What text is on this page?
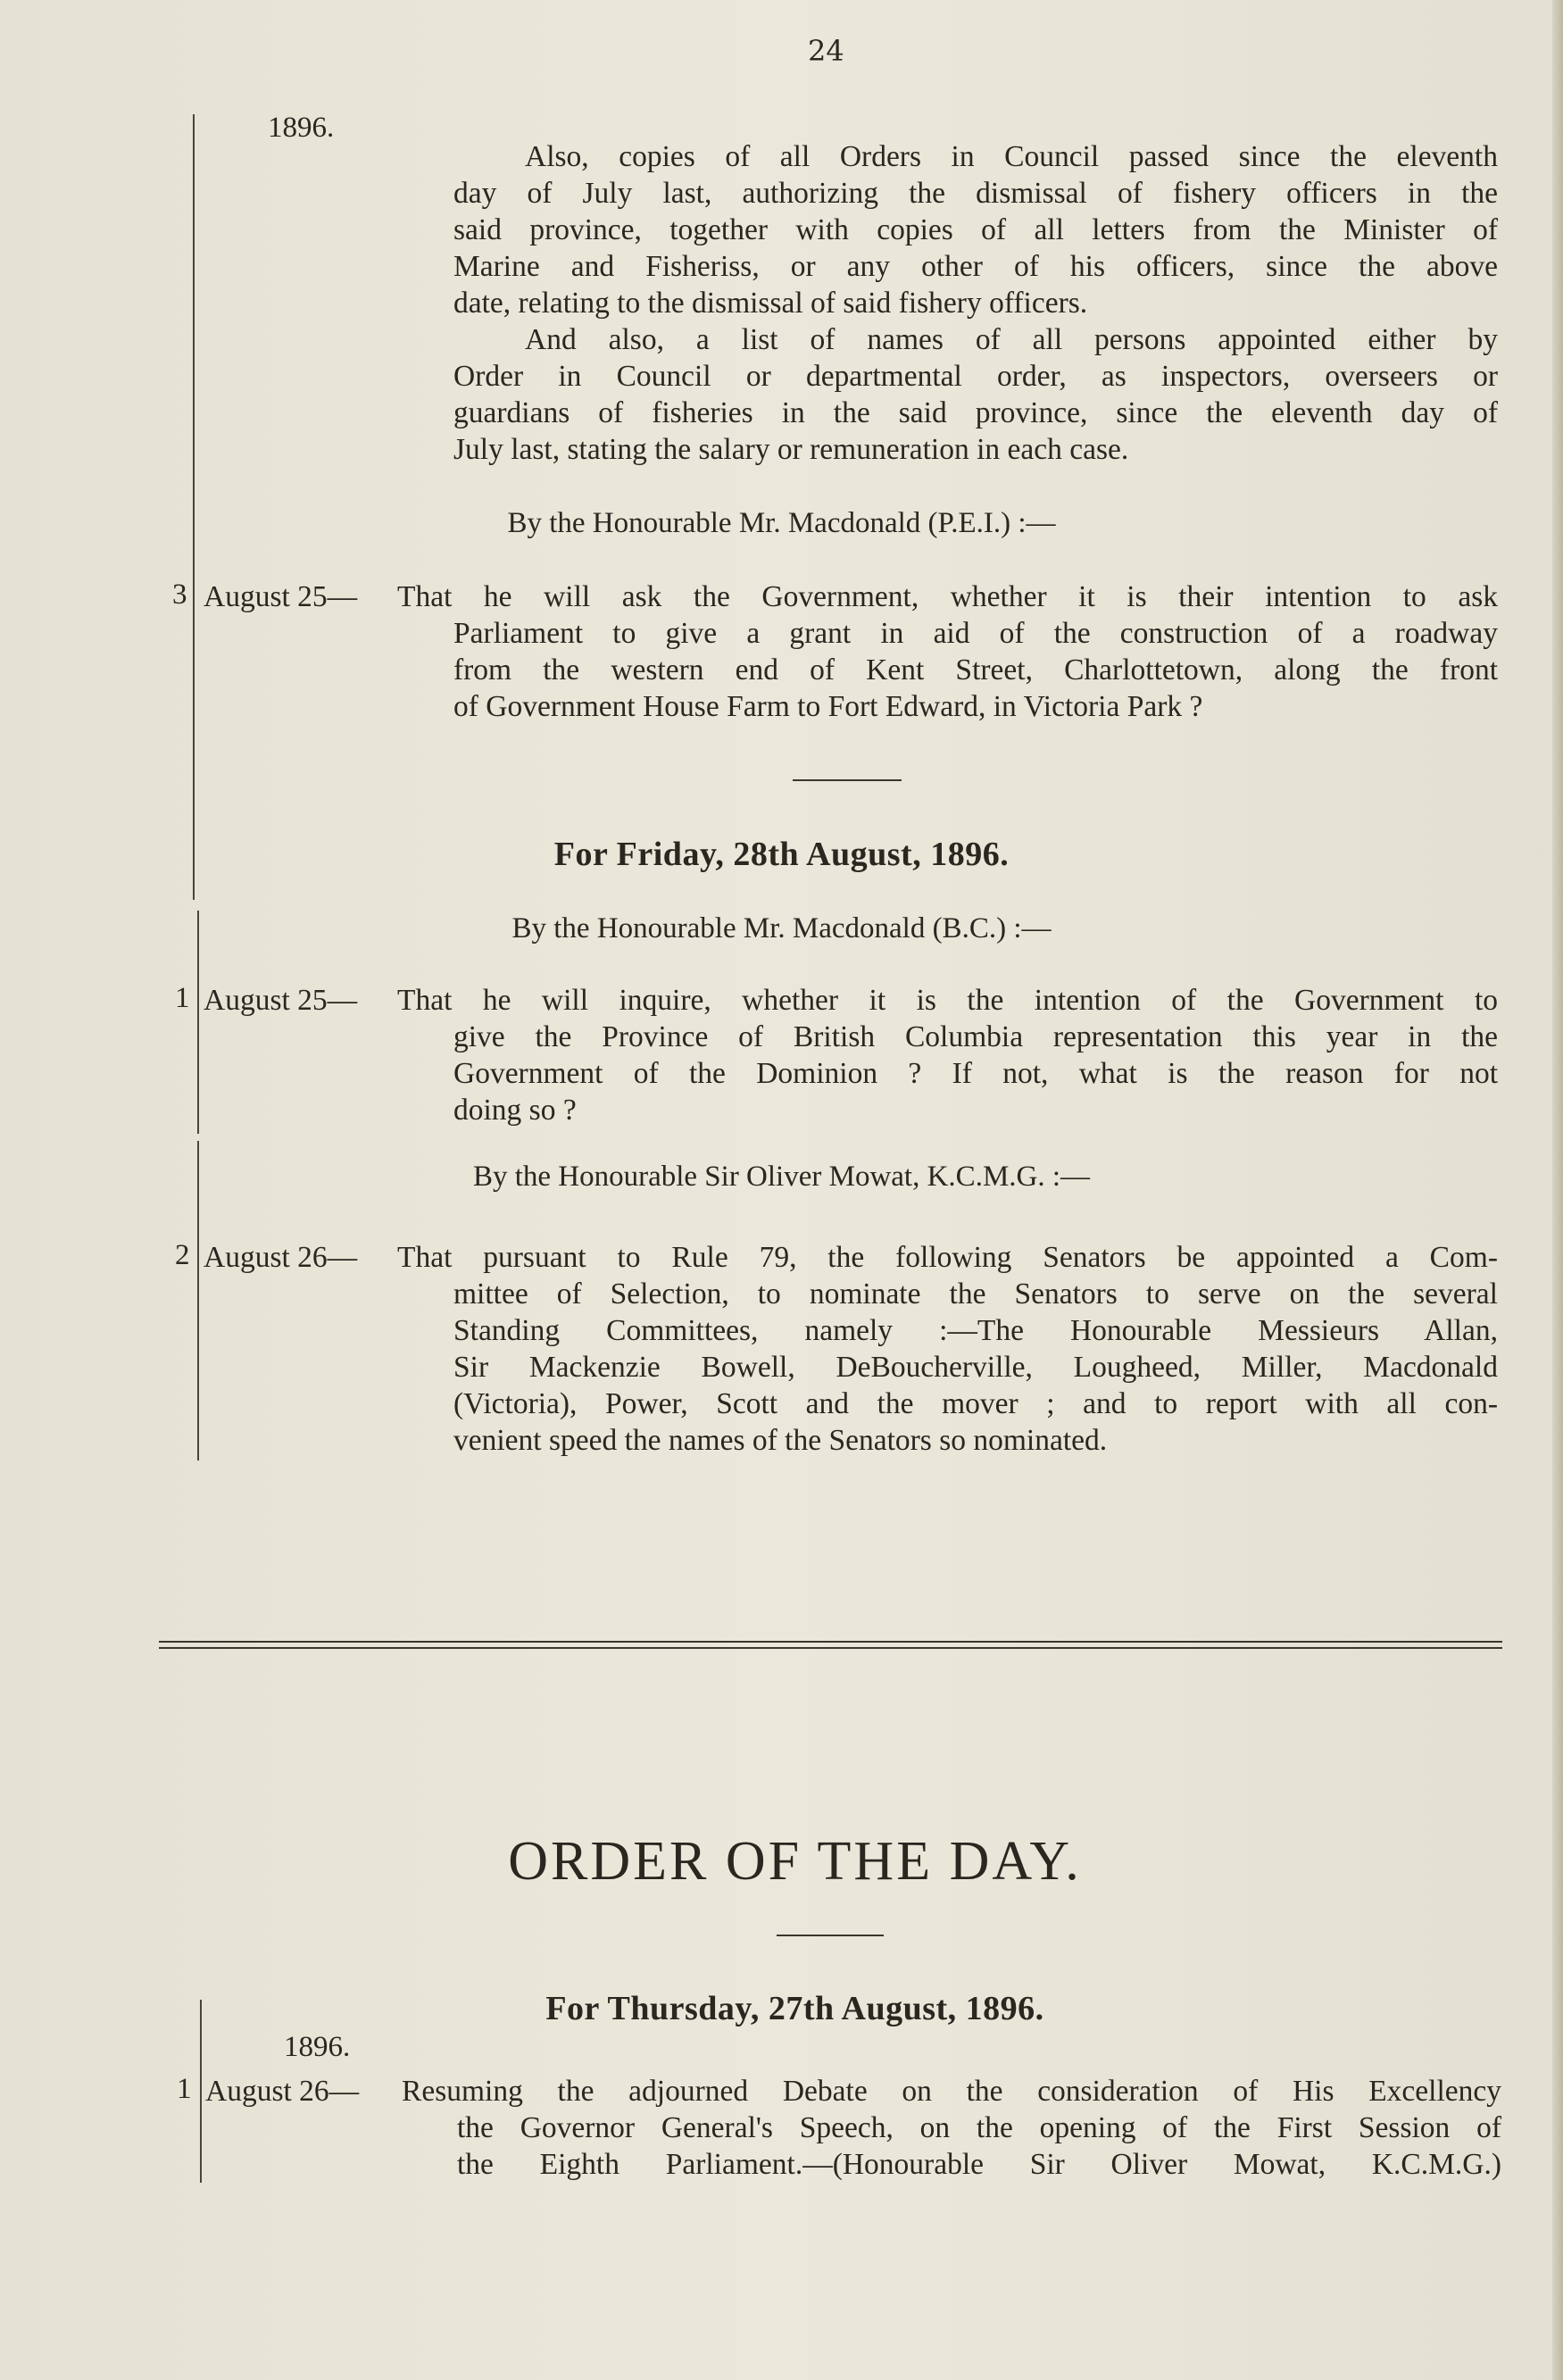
24
1896.
Also, copies of all Orders in Council passed since the eleventh
day of July last, authorizing the dismissal of fishery officers in the
said province, together with copies of all letters from the Minister of
Marine and Fisheriss, or any other of his officers, since the above
date, relating to the dismissal of said fishery officers.
And also, a list of names of all persons appointed either by
Order in Council or departmental order, as inspectors, overseers or
guardians of fisheries in the said province, since the eleventh day of
July last, stating the salary or remuneration in each case.
By the Honourable Mr. Macdonald (P.E.I.) :—
3 August 25— That he will ask the Government, whether it is their intention to ask
Parliament to give a grant in aid of the construction of a roadway
from the western end of Kent Street, Charlottetown, along the front
of Government House Farm to Fort Edward, in Victoria Park ?
For Friday, 28th August, 1896.
By the Honourable Mr. Macdonald (B.C.) :—
1 August 25— That he will inquire, whether it is the intention of the Government to
give the Province of British Columbia representation this year in the
Government of the Dominion ? If not, what is the reason for not
doing so ?
By the Honourable Sir Oliver Mowat, K.C.M.G. :—
2 August 26— That pursuant to Rule 79, the following Senators be appointed a Com-
mittee of Selection, to nominate the Senators to serve on the several
Standing Committees, namely :—The Honourable Messieurs Allan,
Sir Mackenzie Bowell, DeBoucherville, Lougheed, Miller, Macdonald
(Victoria), Power, Scott and the mover ; and to report with all con-
venient speed the names of the Senators so nominated.
ORDER OF THE DAY.
For Thursday, 27th August, 1896.
1896.
1 August 26— Resuming the adjourned Debate on the consideration of His Excellency
the Governor General's Speech, on the opening of the First Session of
the Eighth Parliament.—(Honourable Sir Oliver Mowat, K.C.M.G.)
